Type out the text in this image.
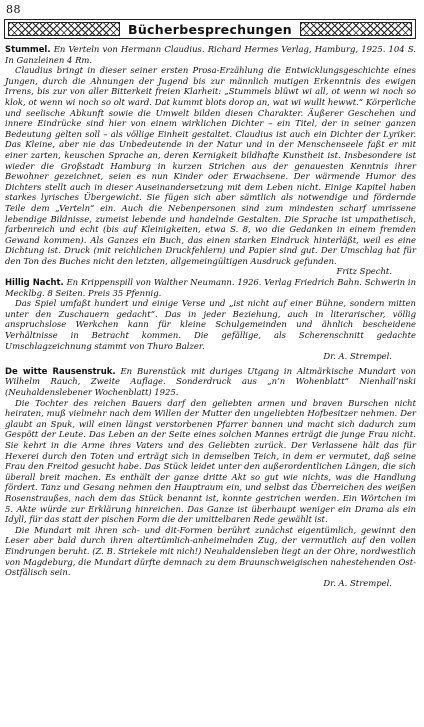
88
Bücherbesprechungen

Stummel. En Verteln von Hermann Claudius. Richard Hermes Verlag, Hamburg, 1925. 104 S. In Ganzleinen 4 Rm.

Claudius bringt in dieser seiner ersten Prosa-Erzählung die Entwicklungsgeschichte eines Jungen, durch die Ahnungen der Jugend bis zur männlich mutigen Erkenntnis des ewigen Irrens, bis zur von aller Bitterkeit freien Klarheit: „Stummels blüwt wi all, ot wenn wi noch so klok, ot wenn wi noch so olt ward. Dat kummt blots dorop an, wat wi wullt hewwt.“ Körperliche und seelische Abkunft sowie die Umwelt bilden diesen Charakter. Äußerer Geschehen und innere Eindrücke sind hier von einem wirklichen Dichter – ein Titel, der in seiner ganzen Bedeutung gelten soll – als völlige Einheit gestaltet. Claudius ist auch ein Dichter der Lyriker. Das Kleine, aber nie das Unbedeutende in der Natur und in der Menschenseele faßt er mit einer zarten, keuschen Sprache an, deren Kernigkeit bildhafte Kunstheit ist. Insbesondere ist wieder die Großstadt Hamburg in kurzen Strichen aus der genauesten Kenntnis ihrer Bewohner gezeichnet, seien es nun Kinder oder Erwachsene. Der wärmende Humor des Dichters stellt auch in dieser Auseinandersetzung mit dem Leben nicht. Einige Kapitel haben starkes lyrisches Übergewicht. Sie fügen sich aber sämtlich als notwendige und fördernde Teile dem „Verteln“ ein. Auch die Nebenpersonen sind zum mindesten scharf umrissene lebendige Bildnisse, zumeist lebende und handelnde Gestalten. Die Sprache ist umpathetisch, farbenreich und echt (bis auf Kleinigkeiten, etwa S. 8, wo die Gedanken in einem fremden Gewand kommen). Als Ganzes ein Buch, das einen starken Eindruck hinterläßt, weil es eine Dichtung ist. Druck (mit reichlichen Druckfehlern) und Papier sind gut. Der Umschlag hat für den Ton des Buches nicht den letzten, allgemeingültigen Ausdruck gefunden.

Fritz Specht.

Hillig Nacht. En Krippenspill von Walther Neumann. 1926. Verlag Friedrich Bahn. Schwerin in Mecklbg. 8 Seiten. Preis 35 Pfennig.

Das Spiel umfaßt hundert und einige Verse und „ist nicht auf einer Bühne, sondern mitten unter den Zuschauern gedacht“. Das in jeder Beziehung, auch in literarischer, völlig anspruchslose Werkchen kann für kleine Schulgemeinden und ähnlich bescheidene Verhältnisse in Betracht kommen. Die gefällige, als Scherenschnitt gedachte Umschlagzeichnung stammt von Thuro Balzer.

Dr. A. Strempel.

De witte Rausenstruk. En Burenstück mit duriges Utgang in Altmärkische Mundart von Wilhelm Rauch, Zweite Auflage. Sonderdruck aus „n’n Wohenblatt“ Nienhall’nski (Neuhaldenslebener Wochenblatt) 1925.

Die Tochter des reichen Bauers darf den geliebten armen und braven Burschen nicht heiraten, muß vielmehr nach dem Willen der Mutter den ungeliebten Hofbesitzer nehmen. Der glaubt an Spuk, will einen längst verstorbenen Pfarrer bannen und macht sich dadurch zum Gespött der Leute. Das Leben an der Seite eines solchen Mannes erträgt die junge Frau nicht. Sie kehrt in die Arme ihres Vaters und des Geliebten zurück. Der Verlassene hält das für Hexerei durch den Toten und erträgt sich in demselben Teich, in dem er vermutet, daß seine Frau den Freitod gesucht habe. Das Stück leidet unter den außerordentlichen Längen, die sich überall breit machen. Es enthält der ganze dritte Akt so gut wie nichts, was die Handlung fördert. Tanz und Gesang nehmen den Hauptraum ein, und selbst das Überreichen des weißen Rosenstraußes, nach dem das Stück benannt ist, konnte gestrichen werden. Ein Wörtchen im 5. Akte würde zur Erklärung hinreichen. Das Ganze ist überhaupt weniger ein Drama als ein Idyll, für das statt der pischen Form die der umittelbaren Rede gewählt ist.

Die Mundart mit ihren sch- und dit-Formen berührt zunächst eigentümlich, gewinnt den Leser aber bald durch ihren altertümlich-anheimelnden Zug, der vermutlich auf den vollen Eindrungen beruht. (Z. B. Striekele mit nich!) Neuhaldensleben liegt an der Ohre, nordwestlich von Magdeburg, die Mundart dürfte demnach zu dem Braunschweigischen nahestehenden Ost-Ostfälisch sein.

Dr. A. Strempel.
